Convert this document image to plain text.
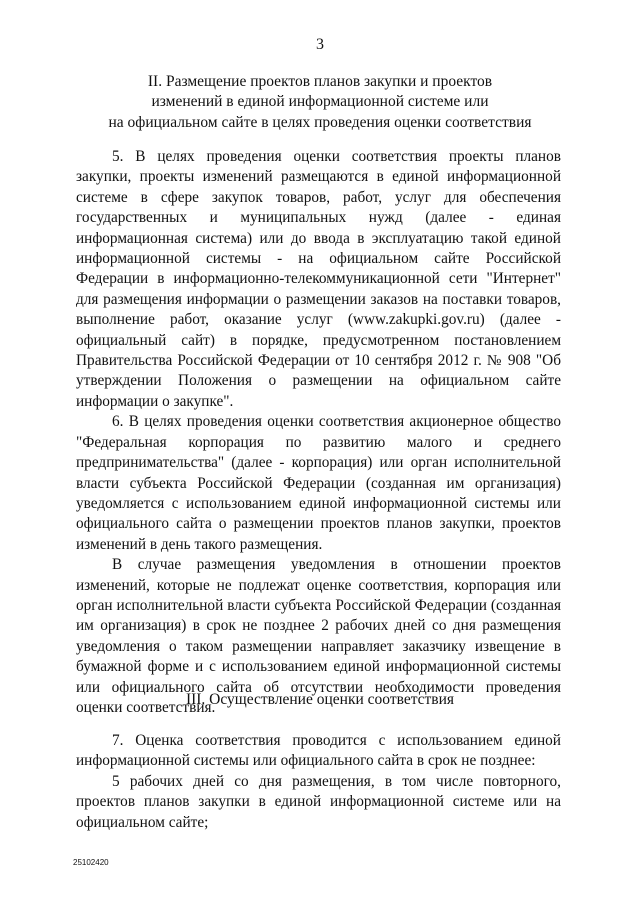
3
II. Размещение проектов планов закупки и проектов
изменений в единой информационной системе или
на официальном сайте в целях проведения оценки соответствия

5. В целях проведения оценки соответствия проекты планов закупки, проекты изменений размещаются в единой информационной системе в сфере закупок товаров, работ, услуг для обеспечения государственных и муниципальных нужд (далее - единая информационная система) или до ввода в эксплуатацию такой единой информационной системы - на официальном сайте Российской Федерации в информационно-телекоммуникационной сети "Интернет" для размещения информации о размещении заказов на поставки товаров, выполнение работ, оказание услуг (www.zakupki.gov.ru) (далее - официальный сайт) в порядке, предусмотренном постановлением Правительства Российской Федерации от 10 сентября 2012 г. № 908 "Об утверждении Положения о размещении на официальном сайте информации о закупке".

6. В целях проведения оценки соответствия акционерное общество "Федеральная корпорация по развитию малого и среднего предпринимательства" (далее - корпорация) или орган исполнительной власти субъекта Российской Федерации (созданная им организация) уведомляется с использованием единой информационной системы или официального сайта о размещении проектов планов закупки, проектов изменений в день такого размещения.

В случае размещения уведомления в отношении проектов изменений, которые не подлежат оценке соответствия, корпорация или орган исполнительной власти субъекта Российской Федерации (созданная им организация) в срок не позднее 2 рабочих дней со дня размещения уведомления о таком размещении направляет заказчику извещение в бумажной форме и с использованием единой информационной системы или официального сайта об отсутствии необходимости проведения оценки соответствия.

III. Осуществление оценки соответствия

7. Оценка соответствия проводится с использованием единой информационной системы или официального сайта в срок не позднее:

5 рабочих дней со дня размещения, в том числе повторного, проектов планов закупки в единой информационной системе или на официальном сайте;

25102420
